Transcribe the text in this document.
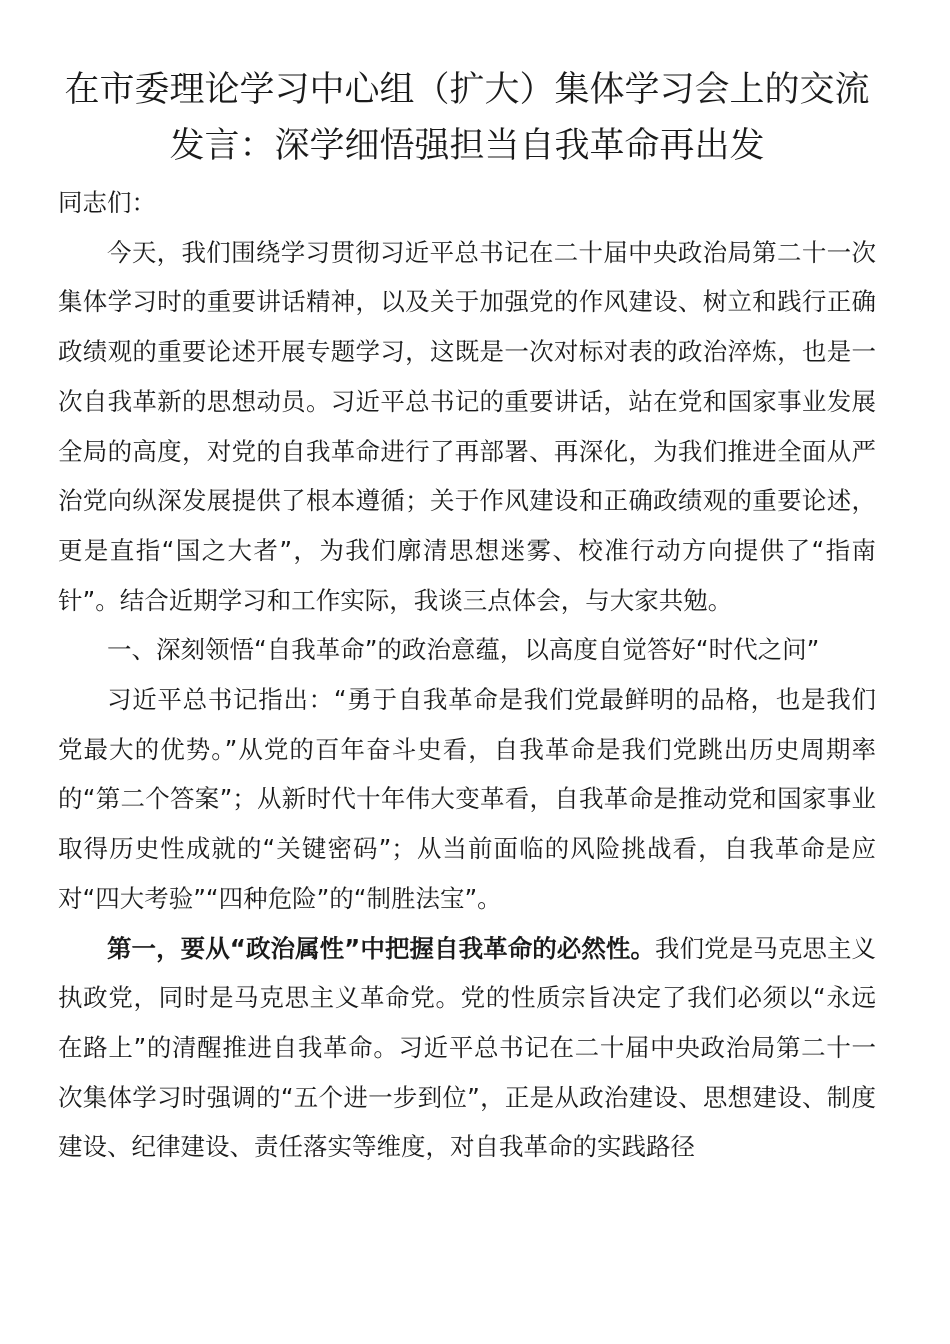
在市委理论学习中心组（扩大）集体学习会上的交流
发言：深学细悟强担当自我革命再出发

同志们：

今天，我们围绕学习贯彻习近平总书记在二十届中央政治局第二十一次集体学习时的重要讲话精神，以及关于加强党的作风建设、树立和践行正确政绩观的重要论述开展专题学习，这既是一次对标对表的政治淬炼，也是一次自我革新的思想动员。习近平总书记的重要讲话，站在党和国家事业发展全局的高度，对党的自我革命进行了再部署、再深化，为我们推进全面从严治党向纵深发展提供了根本遵循；关于作风建设和正确政绩观的重要论述，更是直指“国之大者”，为我们廓清思想迷雾、校准行动方向提供了“指南针”。结合近期学习和工作实际，我谈三点体会，与大家共勉。

一、深刻领悟“自我革命”的政治意蕴，以高度自觉答好“时代之问”

习近平总书记指出：“勇于自我革命是我们党最鲜明的品格，也是我们党最大的优势。”从党的百年奋斗史看，自我革命是我们党跳出历史周期率的“第二个答案”；从新时代十年伟大变革看，自我革命是推动党和国家事业取得历史性成就的“关键密码”；从当前面临的风险挑战看，自我革命是应对“四大考验”“四种危险”的“制胜法宝”。

第一，要从“政治属性”中把握自我革命的必然性。我们党是马克思主义执政党，同时是马克思主义革命党。党的性质宗旨决定了我们必须以“永远在路上”的清醒推进自我革命。习近平总书记在二十届中央政治局第二十一次集体学习时强调的“五个进一步到位”，正是从政治建设、思想建设、制度建设、纪律建设、责任落实等维度，对自我革命的实践路径
